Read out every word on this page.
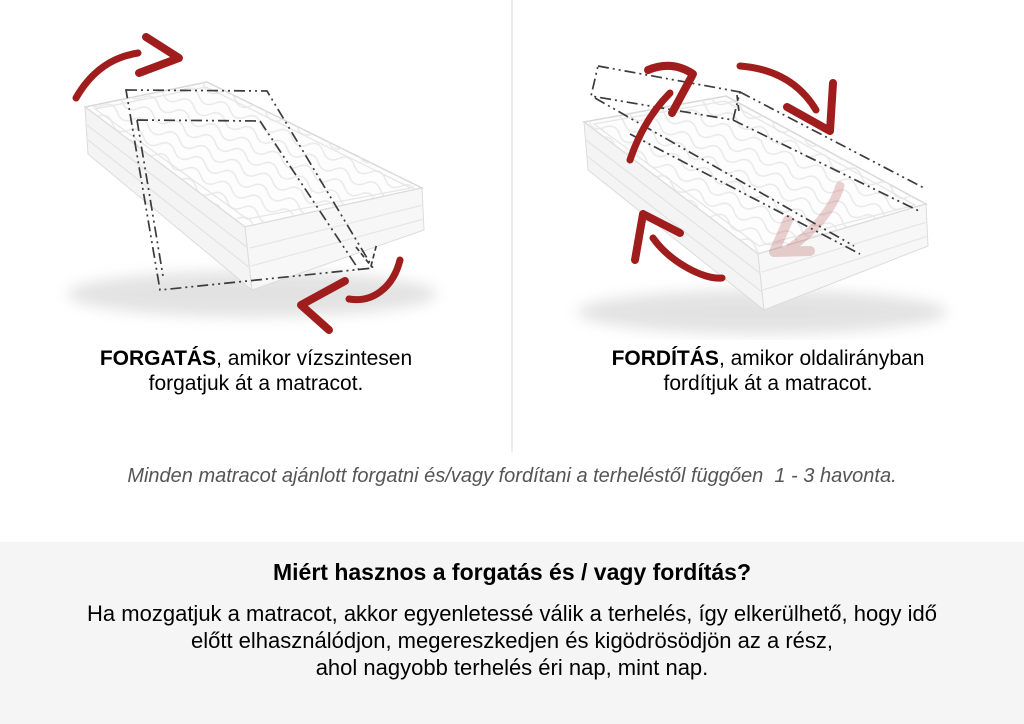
FORGATÁS, amikor vízszintesen
forgatjuk át a matracot.
FORDÍTÁS, amikor oldalirányban
fordítjuk át a matracot.

Minden matracot ajánlott forgatni és/vagy fordítani a terheléstől függően  1 - 3 havonta.

Miért hasznos a forgatás és / vagy fordítás?
Ha mozgatjuk a matracot, akkor egyenletessé válik a terhelés, így elkerülhető, hogy idő
előtt elhasználódjon, megereszkedjen és kigödrösödjön az a rész,
ahol nagyobb terhelés éri nap, mint nap.
